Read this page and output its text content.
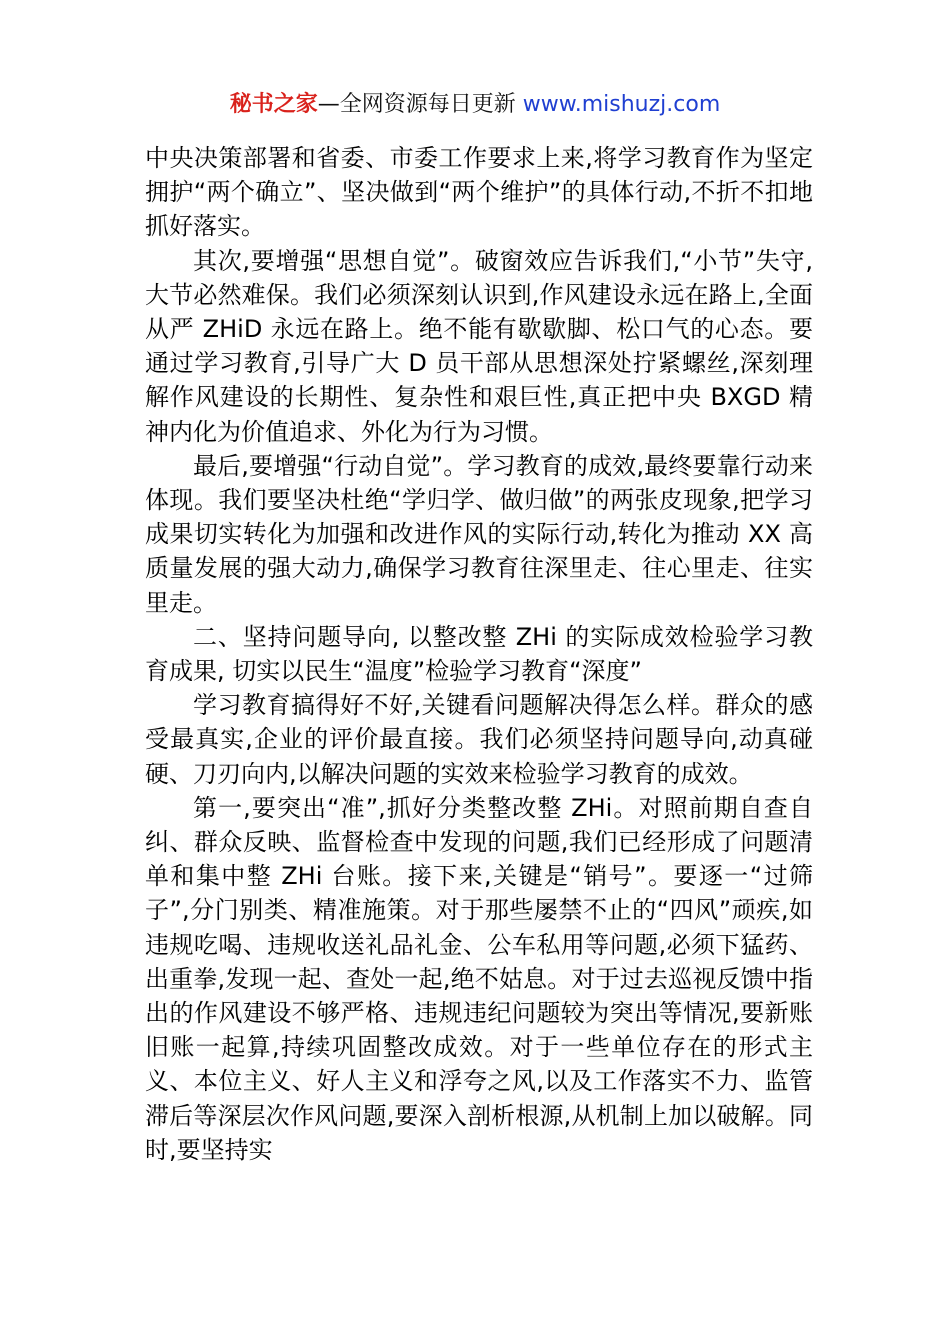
秘书之家—全网资源每日更新 www.mishuzj.com

中央决策部署和省委、市委工作要求上来,将学习教育作为坚定拥护“两个确立”、坚决做到“两个维护”的具体行动,不折不扣地抓好落实。

其次,要增强“思想自觉”。破窗效应告诉我们,“小节”失守,大节必然难保。我们必须深刻认识到,作风建设永远在路上,全面从严 ZHiD 永远在路上。绝不能有歇歇脚、松口气的心态。要通过学习教育,引导广大 D 员干部从思想深处拧紧螺丝,深刻理解作风建设的长期性、复杂性和艰巨性,真正把中央 BXGD 精神内化为价值追求、外化为行为习惯。

最后,要增强“行动自觉”。学习教育的成效,最终要靠行动来体现。我们要坚决杜绝“学归学、做归做”的两张皮现象,把学习成果切实转化为加强和改进作风的实际行动,转化为推动 XX 高质量发展的强大动力,确保学习教育往深里走、往心里走、往实里走。

二、坚持问题导向, 以整改整 ZHi 的实际成效检验学习教育成果, 切实以民生“温度”检验学习教育“深度”

学习教育搞得好不好,关键看问题解决得怎么样。群众的感受最真实,企业的评价最直接。我们必须坚持问题导向,动真碰硬、刀刃向内,以解决问题的实效来检验学习教育的成效。

第一,要突出“准”,抓好分类整改整 ZHi。对照前期自查自纠、群众反映、监督检查中发现的问题,我们已经形成了问题清单和集中整 ZHi 台账。接下来,关键是“销号”。要逐一“过筛子”,分门别类、精准施策。对于那些屡禁不止的“四风”顽疾,如违规吃喝、违规收送礼品礼金、公车私用等问题,必须下猛药、出重拳,发现一起、查处一起,绝不姑息。对于过去巡视反馈中指出的作风建设不够严格、违规违纪问题较为突出等情况,要新账旧账一起算,持续巩固整改成效。对于一些单位存在的形式主义、本位主义、好人主义和浮夸之风,以及工作落实不力、监管滞后等深层次作风问题,要深入剖析根源,从机制上加以破解。同时,要坚持实
